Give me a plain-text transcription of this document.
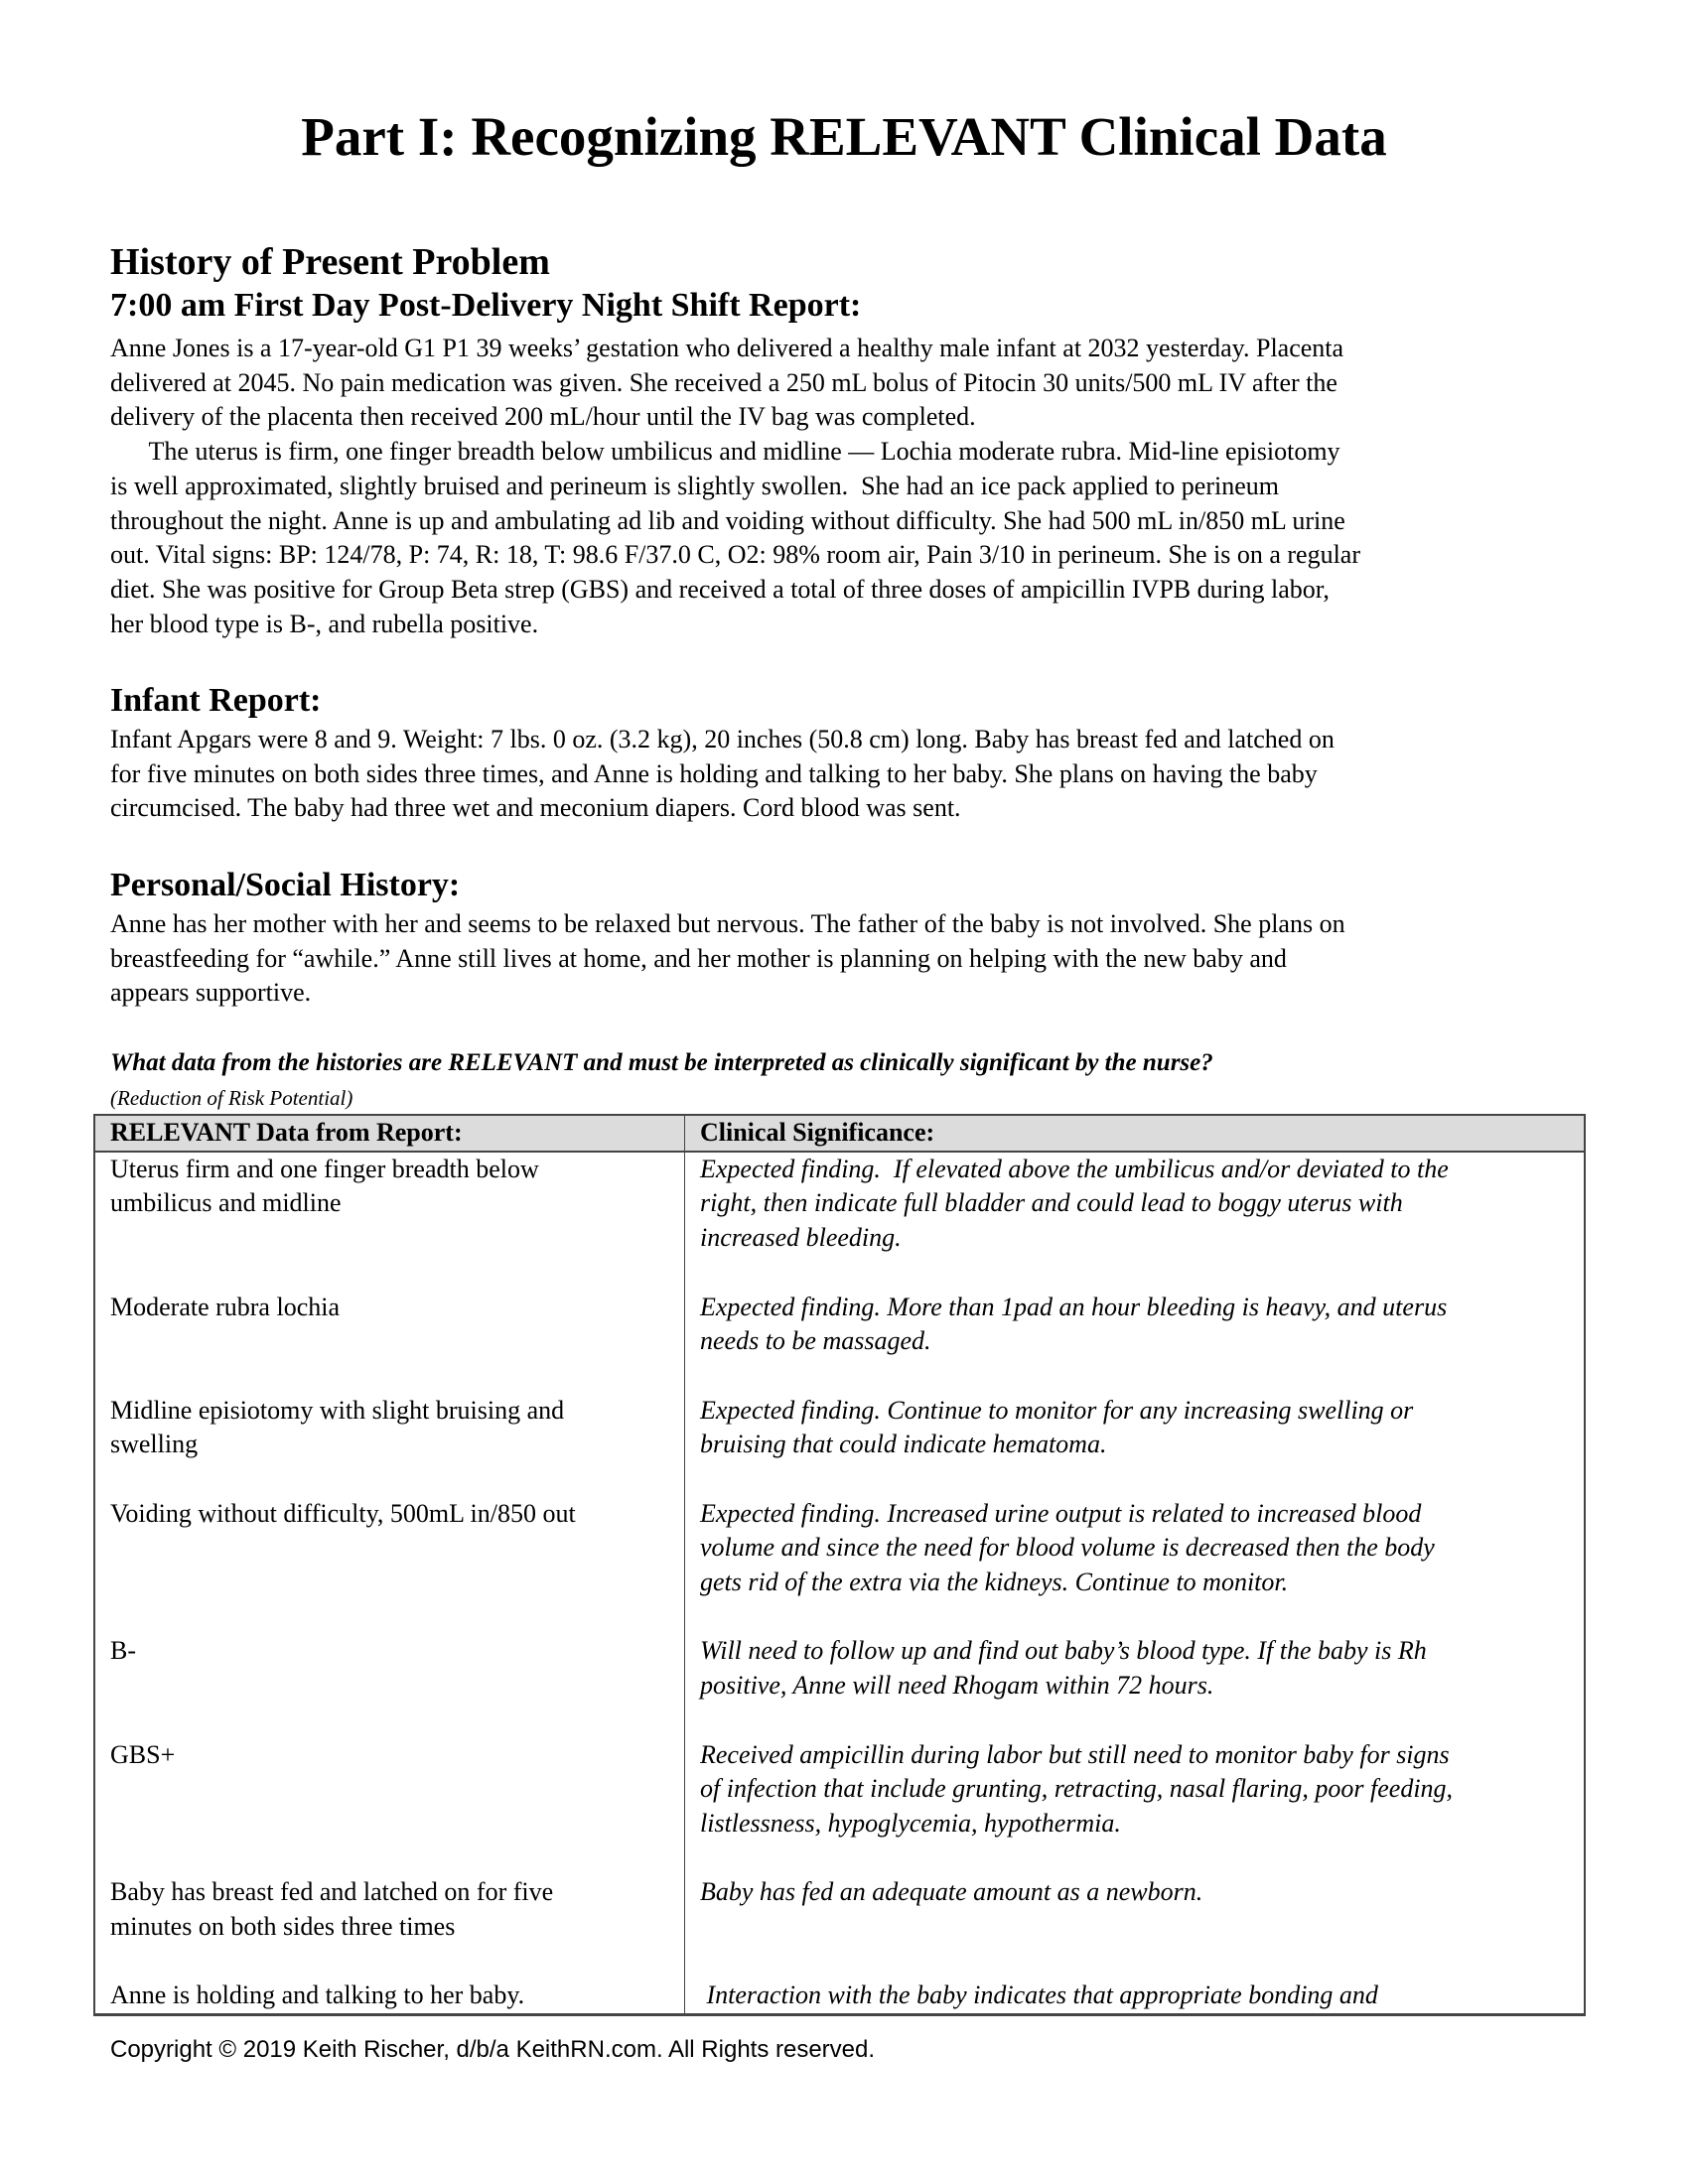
Part I: Recognizing RELEVANT Clinical Data
History of Present Problem
7:00 am First Day Post-Delivery Night Shift Report:
Anne Jones is a 17-year-old G1 P1 39 weeks’ gestation who delivered a healthy male infant at 2032 yesterday. Placenta
delivered at 2045. No pain medication was given. She received a 250 mL bolus of Pitocin 30 units/500 mL IV after the
delivery of the placenta then received 200 mL/hour until the IV bag was completed.
The uterus is firm, one finger breadth below umbilicus and midline — Lochia moderate rubra. Mid-line episiotomy
is well approximated, slightly bruised and perineum is slightly swollen.  She had an ice pack applied to perineum
throughout the night. Anne is up and ambulating ad lib and voiding without difficulty. She had 500 mL in/850 mL urine
out. Vital signs: BP: 124/78, P: 74, R: 18, T: 98.6 F/37.0 C, O2: 98% room air, Pain 3/10 in perineum. She is on a regular
diet. She was positive for Group Beta strep (GBS) and received a total of three doses of ampicillin IVPB during labor,
her blood type is B-, and rubella positive.
Infant Report:
Infant Apgars were 8 and 9. Weight: 7 lbs. 0 oz. (3.2 kg), 20 inches (50.8 cm) long. Baby has breast fed and latched on
for five minutes on both sides three times, and Anne is holding and talking to her baby. She plans on having the baby
circumcised. The baby had three wet and meconium diapers. Cord blood was sent.
Personal/Social History:
Anne has her mother with her and seems to be relaxed but nervous. The father of the baby is not involved. She plans on
breastfeeding for “awhile.” Anne still lives at home, and her mother is planning on helping with the new baby and
appears supportive.
What data from the histories are RELEVANT and must be interpreted as clinically significant by the nurse?
(Reduction of Risk Potential)
RELEVANT Data from Report:	Clinical Significance:
Uterus firm and one finger breadth below
umbilicus and midline	Expected finding.  If elevated above the umbilicus and/or deviated to the
right, then indicate full bladder and could lead to boggy uterus with
increased bleeding.
Moderate rubra lochia	Expected finding. More than 1pad an hour bleeding is heavy, and uterus
needs to be massaged.
Midline episiotomy with slight bruising and
swelling	Expected finding. Continue to monitor for any increasing swelling or
bruising that could indicate hematoma.
Voiding without difficulty, 500mL in/850 out	Expected finding. Increased urine output is related to increased blood
volume and since the need for blood volume is decreased then the body
gets rid of the extra via the kidneys. Continue to monitor.
B-	Will need to follow up and find out baby’s blood type. If the baby is Rh
positive, Anne will need Rhogam within 72 hours.
GBS+	Received ampicillin during labor but still need to monitor baby for signs
of infection that include grunting, retracting, nasal flaring, poor feeding,
listlessness, hypoglycemia, hypothermia.
Baby has breast fed and latched on for five
minutes on both sides three times	Baby has fed an adequate amount as a newborn.
Anne is holding and talking to her baby.	Interaction with the baby indicates that appropriate bonding and
Copyright © 2019 Keith Rischer, d/b/a KeithRN.com. All Rights reserved.
